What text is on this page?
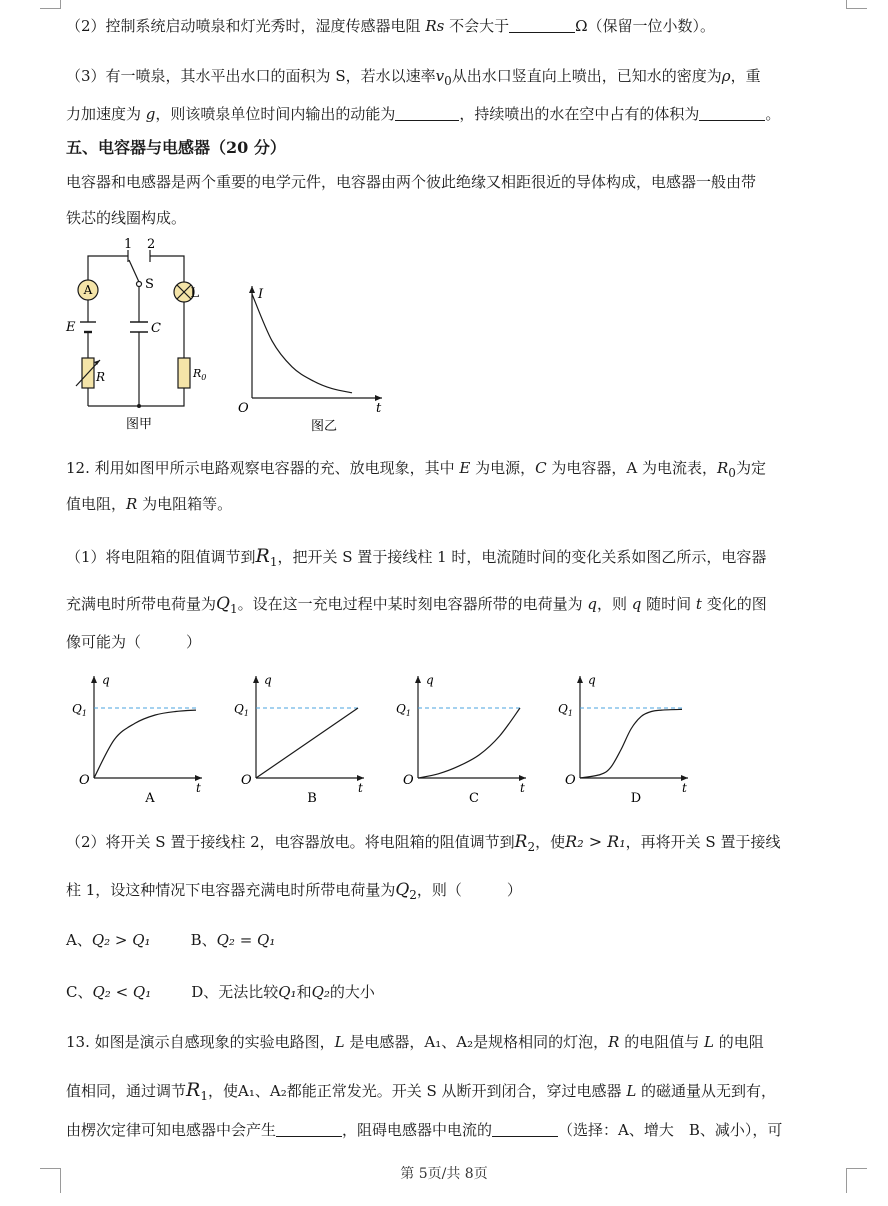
（2）控制系统启动喷泉和灯光秀时，湿度传感器电阻 Rs 不会大于	Ω（保留一位小数）。
（3）有一喷泉，其水平出水口的面积为 S，若水以速率$v_0$从出水口竖直向上喷出，已知水的密度为ρ，重
力加速度为 g，则该喷泉单位时间内输出的动能为	，持续喷出的水在空中占有的体积为	。
五、电容器与电感器（20 分）
电容器和电感器是两个重要的电学元件，电容器由两个彼此绝缘又相距很近的导体构成，电感器一般由带
铁芯的线圈构成。
A
E
R
C
S
1 2
L
$R_0$
图甲
I
t
O
图乙
12. 利用如图甲所示电路观察电容器的充、放电现象，其中 E 为电源，C 为电容器，A 为电流表，$R_0$为定
值电阻，R 为电阻箱等。
（1）将电阻箱的阻值调节到$R_1$，把开关 S 置于接线柱 1 时，电流随时间的变化关系如图乙所示，电容器
充满电时所带电荷量为$Q_1$。设在这一充电过程中某时刻电容器所带的电荷量为 q，则 q 随时间 t 变化的图
像可能为（　　　）
q
t
O
$Q_1$
A
q
t
O
$Q_1$
B
q
t
O
$Q_1$
C
q
t
O
$Q_1$
D
（2）将开关 S 置于接线柱 2，电容器放电。将电阻箱的阻值调节到$R_2$，使R₂ > R₁，再将开关 S 置于接线
柱 1，设这种情况下电容器充满电时所带电荷量为$Q_2$，则（　　　）
A、Q₂ > Q₁	B、Q₂ = Q₁
C、Q₂ < Q₁	D、无法比较Q₁和Q₂的大小
13. 如图是演示自感现象的实验电路图，L 是电感器，A₁、A₂是规格相同的灯泡，R 的电阻值与 L 的电阻
值相同，通过调节$R_1$，使A₁、A₂都能正常发光。开关 S 从断开到闭合，穿过电感器 L 的磁通量从无到有，
由楞次定律可知电感器中会产生	，阻碍电感器中电流的	（选择：A、增大　B、减小），可
第 5页/共 8页
